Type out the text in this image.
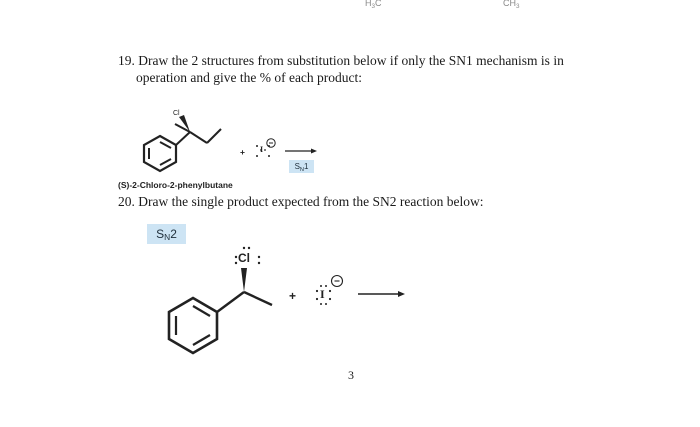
$H_3C$	$CH_3$
19. Draw the 2 structures from substitution below if only the SN1 mechanism is in
operation and give the % of each product:
Cl
I
+
$S_N1$
(S)-2-Chloro-2-phenylbutane
20. Draw the single product expected from the SN2 reaction below:
$S_N2$
Cl
+ I
3
